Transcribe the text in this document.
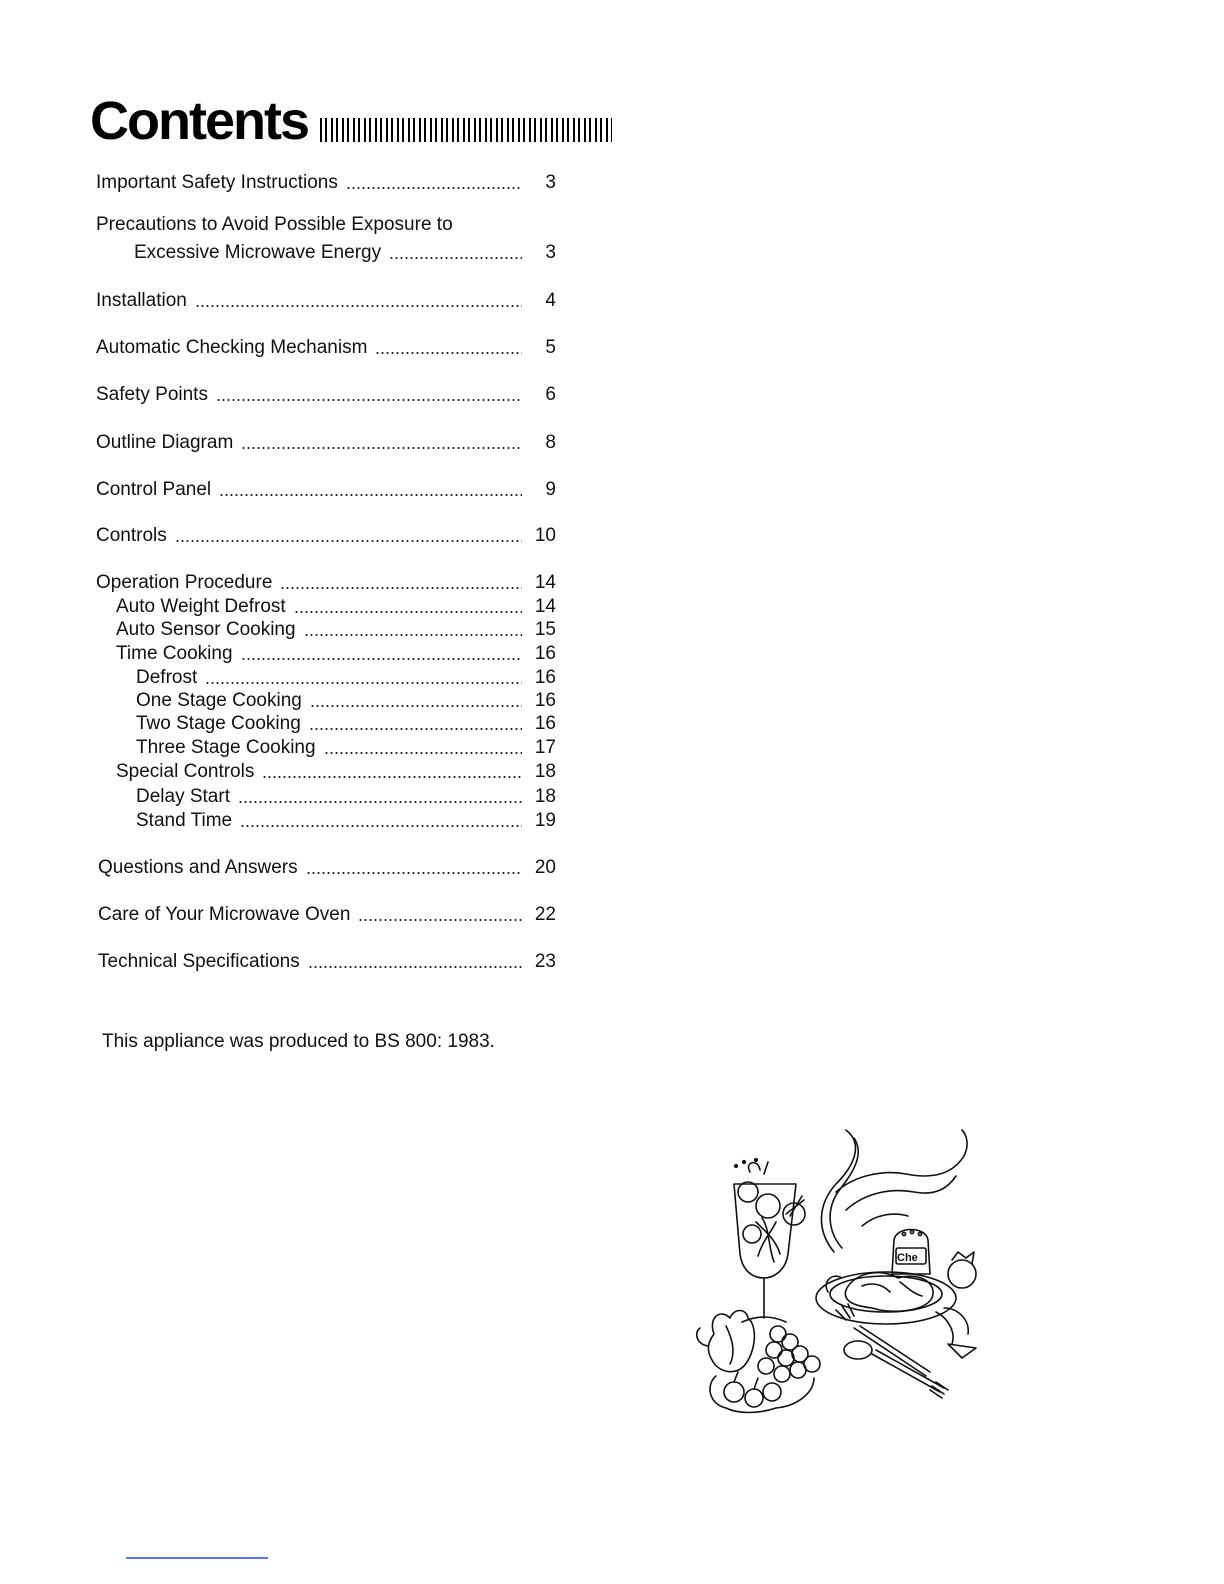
Contents
Important Safety Instructions	3
Precautions to Avoid Possible Exposure to
Excessive Microwave Energy	3
Installation	4
Automatic Checking Mechanism	5
Safety Points	6
Outline Diagram	8
Control Panel	9
Controls	10
Operation Procedure	14
Auto Weight Defrost	14
Auto Sensor Cooking	15
Time Cooking	16
Defrost	16
One Stage Cooking	16
Two Stage Cooking	16
Three Stage Cooking	17
Special Controls	18
Delay Start	18
Stand Time	19
Questions and Answers	20
Care of Your Microwave Oven	22
Technical Specifications	23
This appliance was produced to BS 800: 1983.
Che
